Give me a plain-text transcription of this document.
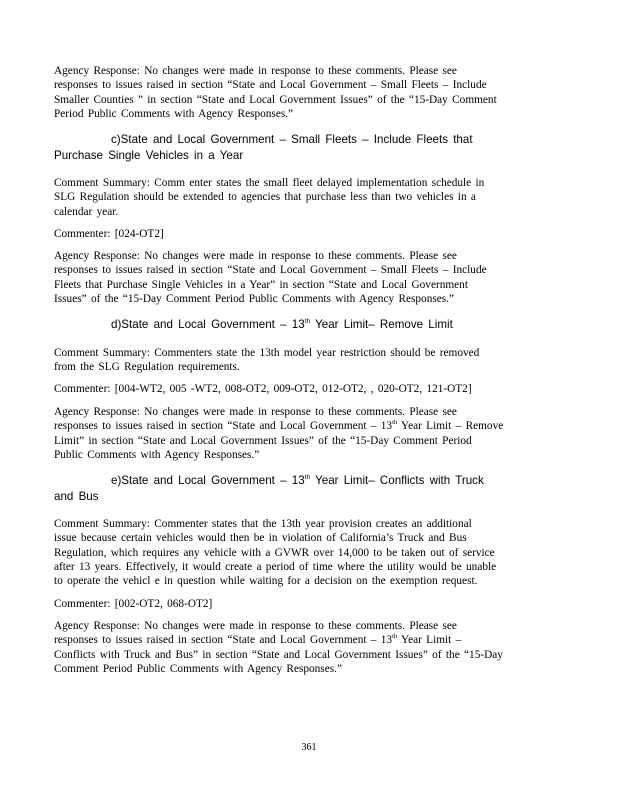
Agency Response: No changes were made in response to these comments. Please see
responses to issues raised in section “State and Local Government – Small Fleets – Include
Smaller Counties ” in section “State and Local Government Issues” of the “15-Day Comment
Period Public Comments with Agency Responses.”
c)State and Local Government – Small Fleets – Include Fleets that
Purchase Single Vehicles in a Year
Comment Summary: Comm enter states the small fleet delayed implementation schedule in
SLG Regulation should be extended to agencies that purchase less than two vehicles in a
calendar year.
Commenter: [024-OT2]
Agency Response: No changes were made in response to these comments. Please see
responses to issues raised in section “State and Local Government – Small Fleets – Include
Fleets that Purchase Single Vehicles in a Year” in section “State and Local Government
Issues” of the “15-Day Comment Period Public Comments with Agency Responses.”
d)State and Local Government – 13th Year Limit– Remove Limit
Comment Summary: Commenters state the 13th model year restriction should be removed
from the SLG Regulation requirements.
Commenter: [004-WT2, 005 -WT2, 008-OT2, 009-OT2, 012-OT2, , 020-OT2, 121-OT2]
Agency Response: No changes were made in response to these comments. Please see
responses to issues raised in section “State and Local Government – 13th Year Limit – Remove
Limit” in section “State and Local Government Issues” of the “15-Day Comment Period
Public Comments with Agency Responses.”
e)State and Local Government – 13th Year Limit– Conflicts with Truck
and Bus
Comment Summary: Commenter states that the 13th year provision creates an additional
issue because certain vehicles would then be in violation of California’s Truck and Bus
Regulation, which requires any vehicle with a GVWR over 14,000 to be taken out of service
after 13 years. Effectively, it would create a period of time where the utility would be unable
to operate the vehicl e in question while waiting for a decision on the exemption request.
Commenter: [002-OT2, 068-OT2]
Agency Response: No changes were made in response to these comments. Please see
responses to issues raised in section “State and Local Government – 13th Year Limit –
Conflicts with Truck and Bus” in section “State and Local Government Issues” of the “15-Day
Comment Period Public Comments with Agency Responses.”
361
